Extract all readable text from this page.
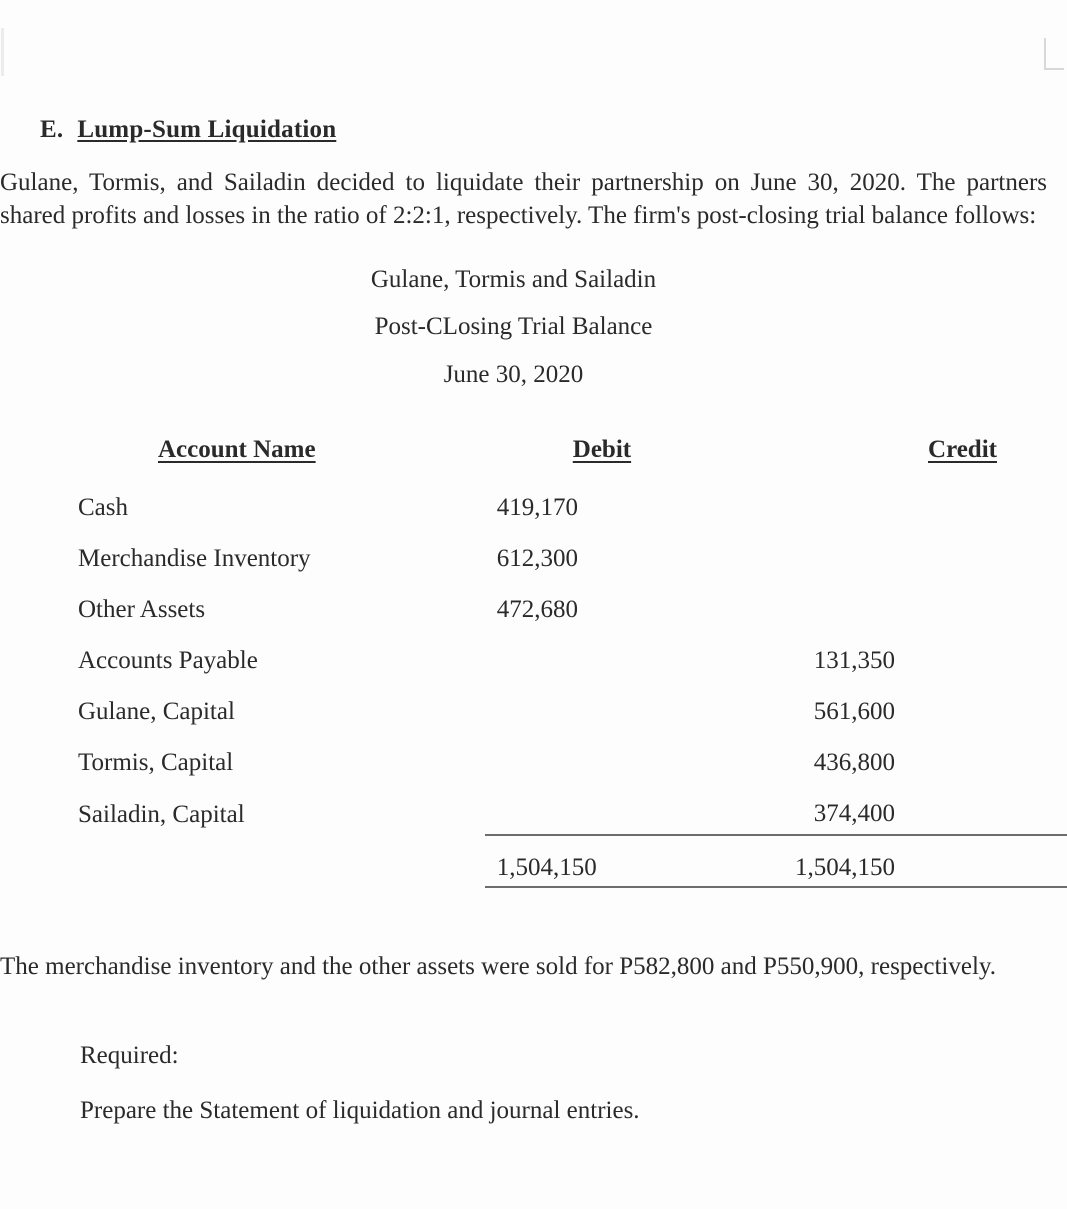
E. Lump-Sum Liquidation

Gulane, Tormis, and Sailadin decided to liquidate their partnership on June 30, 2020. The partners shared profits and losses in the ratio of 2:2:1, respectively. The firm's post-closing trial balance follows:

Gulane, Tormis and Sailadin
Post-CLosing Trial Balance
June 30, 2020
Account Name	Debit	Credit
Cash	419,170	
Merchandise Inventory	612,300	
Other Assets	472,680	
Accounts Payable		131,350
Gulane, Capital		561,600
Tormis, Capital		436,800
Sailadin, Capital		374,400
	1,504,150	1,504,150

The merchandise inventory and the other assets were sold for P582,800 and P550,900, respectively.

Required:
Prepare the Statement of liquidation and journal entries.
